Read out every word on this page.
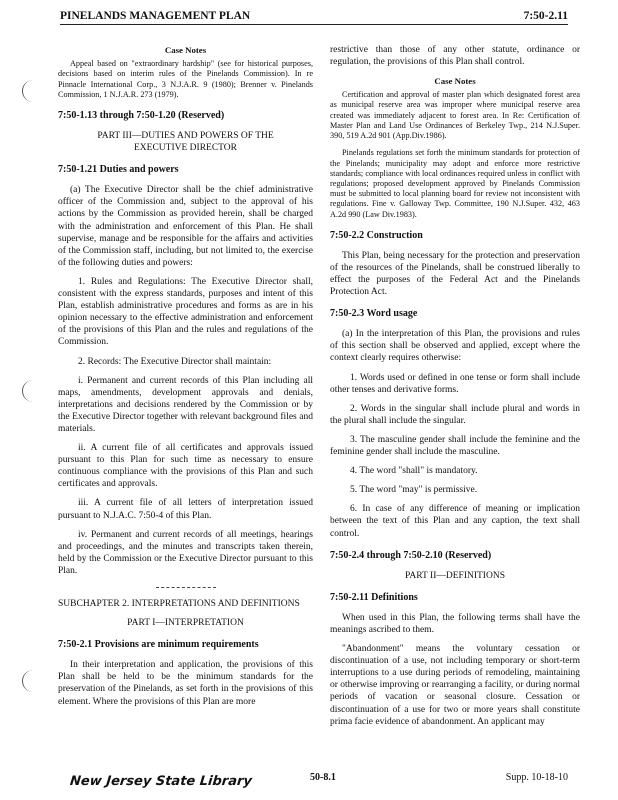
PINELANDS MANAGEMENT PLAN	7:50-2.11
Case Notes

Appeal based on "extraordinary hardship" (see for historical purposes, decisions based on interim rules of the Pinelands Commission). In re Pinnacle International Corp., 3 N.J.A.R. 9 (1980); Brenner v. Pinelands Commission, 1 N.J.A.R. 273 (1979).

7:50-1.13 through 7:50-1.20 (Reserved)

PART III—DUTIES AND POWERS OF THE EXECUTIVE DIRECTOR

7:50-1.21 Duties and powers

(a) The Executive Director shall be the chief administrative officer of the Commission and, subject to the approval of his actions by the Commission as provided herein, shall be charged with the administration and enforcement of this Plan. He shall supervise, manage and be responsible for the affairs and activities of the Commission staff, including, but not limited to, the exercise of the following duties and powers:

1. Rules and Regulations: The Executive Director shall, consistent with the express standards, purposes and intent of this Plan, establish administrative procedures and forms as are in his opinion necessary to the effective administration and enforcement of the provisions of this Plan and the rules and regulations of the Commission.

2. Records: The Executive Director shall maintain:

i. Permanent and current records of this Plan including all maps, amendments, development approvals and denials, interpretations and decisions rendered by the Commission or by the Executive Director together with relevant background files and materials.

ii. A current file of all certificates and approvals issued pursuant to this Plan for such time as necessary to ensure continuous compliance with the provisions of this Plan and such certificates and approvals.

iii. A current file of all letters of interpretation issued pursuant to N.J.A.C. 7:50-4 of this Plan.

iv. Permanent and current records of all meetings, hearings and proceedings, and the minutes and transcripts taken therein, held by the Commission or the Executive Director pursuant to this Plan.

SUBCHAPTER 2. INTERPRETATIONS AND DEFINITIONS

PART I—INTERPRETATION

7:50-2.1 Provisions are minimum requirements

In their interpretation and application, the provisions of this Plan shall be held to be the minimum standards for the preservation of the Pinelands, as set forth in the provisions of this element. Where the provisions of this Plan are more

restrictive than those of any other statute, ordinance or regulation, the provisions of this Plan shall control.

Case Notes

Certification and approval of master plan which designated forest area as municipal reserve area was improper where municipal reserve area created was immediately adjacent to forest area. In Re: Certification of Master Plan and Land Use Ordinances of Berkeley Twp., 214 N.J.Super. 390, 519 A.2d 901 (App.Div.1986).

Pinelands regulations set forth the minimum standards for protection of the Pinelands; municipality may adopt and enforce more restrictive standards; compliance with local ordinances required unless in conflict with regulations; proposed development approved by Pinelands Commission must be submitted to local planning board for review not inconsistent with regulations. Fine v. Galloway Twp. Committee, 190 N.J.Super. 432, 463 A.2d 990 (Law Div.1983).

7:50-2.2 Construction

This Plan, being necessary for the protection and preservation of the resources of the Pinelands, shall be construed liberally to effect the purposes of the Federal Act and the Pinelands Protection Act.

7:50-2.3 Word usage

(a) In the interpretation of this Plan, the provisions and rules of this section shall be observed and applied, except where the context clearly requires otherwise:

1. Words used or defined in one tense or form shall include other tenses and derivative forms.

2. Words in the singular shall include plural and words in the plural shall include the singular.

3. The masculine gender shall include the feminine and the feminine gender shall include the masculine.

4. The word "shall" is mandatory.

5. The word "may" is permissive.

6. In case of any difference of meaning or implication between the text of this Plan and any caption, the text shall control.

7:50-2.4 through 7:50-2.10 (Reserved)

PART II—DEFINITIONS

7:50-2.11 Definitions

When used in this Plan, the following terms shall have the meanings ascribed to them.

"Abandonment" means the voluntary cessation or discontinuation of a use, not including temporary or short-term interruptions to a use during periods of remodeling, maintaining or otherwise improving or rearranging a facility, or during normal periods of vacation or seasonal closure. Cessation or discontinuation of a use for two or more years shall constitute prima facie evidence of abandonment. An applicant may

New Jersey State Library	50-8.1	Supp. 10-18-10
